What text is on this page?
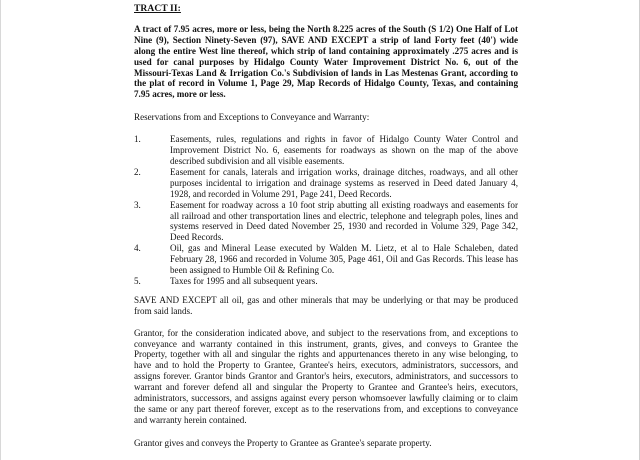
TRACT II:

A tract of 7.95 acres, more or less, being the North 8.225 acres of the South (S 1/2) One Half of Lot Nine (9), Section Ninety-Seven (97), SAVE AND EXCEPT a strip of land Forty feet (40') wide along the entire West line thereof, which strip of land containing approximately .275 acres and is used for canal purposes by Hidalgo County Water Improvement District No. 6, out of the Missouri-Texas Land & Irrigation Co.'s Subdivision of lands in Las Mestenas Grant, according to the plat of record in Volume 1, Page 29, Map Records of Hidalgo County, Texas, and containing 7.95 acres, more or less.

Reservations from and Exceptions to Conveyance and Warranty:

1.	Easements, rules, regulations and rights in favor of Hidalgo County Water Control and Improvement District No. 6, easements for roadways as shown on the map of the above described subdivision and all visible easements.
2.	Easement for canals, laterals and irrigation works, drainage ditches, roadways, and all other purposes incidental to irrigation and drainage systems as reserved in Deed dated January 4, 1928, and recorded in Volume 291, Page 241, Deed Records.
3.	Easement for roadway across a 10 foot strip abutting all existing roadways and easements for all railroad and other transportation lines and electric, telephone and telegraph poles, lines and systems reserved in Deed dated November 25, 1930 and recorded in Volume 329, Page 342, Deed Records.
4.	Oil, gas and Mineral Lease executed by Walden M. Lietz, et al to Hale Schaleben, dated February 28, 1966 and recorded in Volume 305, Page 461, Oil and Gas Records. This lease has been assigned to Humble Oil & Refining Co.
5.	Taxes for 1995 and all subsequent years.

SAVE AND EXCEPT all oil, gas and other minerals that may be underlying or that may be produced from said lands.

Grantor, for the consideration indicated above, and subject to the reservations from, and exceptions to conveyance and warranty contained in this instrument, grants, gives, and conveys to Grantee the Property, together with all and singular the rights and appurtenances thereto in any wise belonging, to have and to hold the Property to Grantee, Grantee's heirs, executors, administrators, successors, and assigns forever. Grantor binds Grantor and Grantor's heirs, executors, administrators, and successors to warrant and forever defend all and singular the Property to Grantee and Grantee's heirs, executors, administrators, successors, and assigns against every person whomsoever lawfully claiming or to claim the same or any part thereof forever, except as to the reservations from, and exceptions to conveyance and warranty herein contained.

Grantor gives and conveys the Property to Grantee as Grantee's separate property.
